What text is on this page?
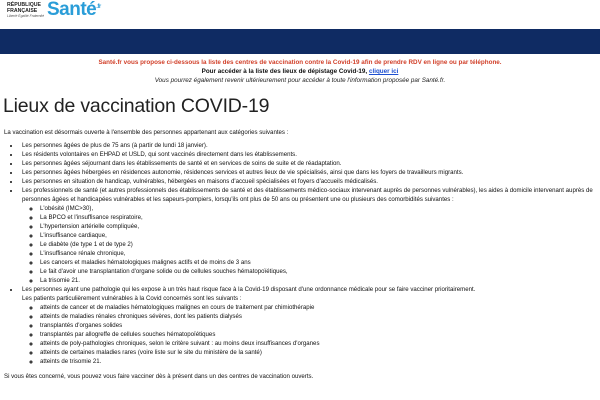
RÉPUBLIQUE
FRANÇAISE
Liberté Égalité Fraternité Santé$^{.fr}$
Santé.fr vous propose ci-dessous la liste des centres de vaccination contre la Covid-19 afin de prendre RDV en ligne ou par téléphone.
Pour accéder à la liste des lieux de dépistage Covid-19, cliquer ici
Vous pourrez également revenir ultérieurement pour accéder à toute l'information proposée par Santé.fr.
Lieux de vaccination COVID-19

La vaccination est désormais ouverte à l'ensemble des personnes appartenant aux catégories suivantes :

• Les personnes âgées de plus de 75 ans (à partir de lundi 18 janvier).
• Les résidents volontaires en EHPAD et USLD, qui sont vaccinés directement dans les établissements.
• Les personnes âgées séjournant dans les établissements de santé et en services de soins de suite et de réadaptation.
• Les personnes âgées hébergées en résidences autonomie, résidences services et autres lieux de vie spécialisés, ainsi que dans les foyers de travailleurs migrants.
• Les personnes en situation de handicap, vulnérables, hébergées en maisons d'accueil spécialisées et foyers d'accueils médicalisés.
• Les professionnels de santé (et autres professionnels des établissements de santé et des établissements médico-sociaux intervenant auprès de personnes vulnérables), les aides à domicile intervenant auprès de personnes âgées et handicapées vulnérables et les sapeurs-pompiers, lorsqu'ils ont plus de 50 ans ou présentent une ou plusieurs des comorbidités suivantes :
◦ L'obésité (IMC>30),
◦ La BPCO et l'insuffisance respiratoire,
◦ L'hypertension artérielle compliquée,
◦ L'insuffisance cardiaque,
◦ Le diabète (de type 1 et de type 2)
◦ L'insuffisance rénale chronique,
◦ Les cancers et maladies hématologiques malignes actifs et de moins de 3 ans
◦ Le fait d'avoir une transplantation d'organe solide ou de cellules souches hématopoïétiques,
◦ La trisomie 21.
• Les personnes ayant une pathologie qui les expose à un très haut risque face à la Covid-19 disposant d'une ordonnance médicale pour se faire vacciner prioritairement.
Les patients particulièrement vulnérables à la Covid concernés sont les suivants :
◦ atteints de cancer et de maladies hématologiques malignes en cours de traitement par chimiothérapie
◦ atteints de maladies rénales chroniques sévères, dont les patients dialysés
◦ transplantés d'organes solides
◦ transplantés par allogreffe de cellules souches hématopoïétiques
◦ atteints de poly-pathologies chroniques, selon le critère suivant : au moins deux insuffisances d'organes
◦ atteints de certaines maladies rares (voire liste sur le site du ministère de la santé)
◦ atteints de trisomie 21.

Si vous êtes concerné, vous pouvez vous faire vacciner dès à présent dans un des centres de vaccination ouverts.
